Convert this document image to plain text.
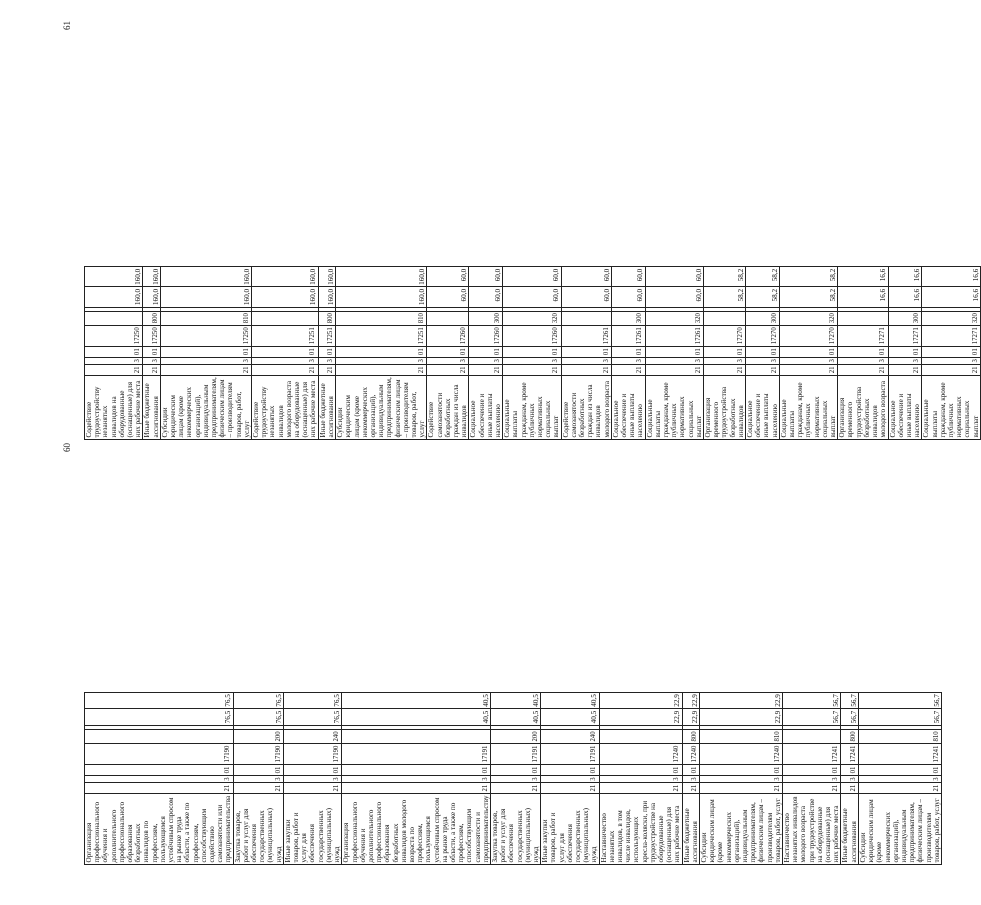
60
Организация профессионального обучения и дополнительного профессионального образования безработных инвалидов по профессиям, пользующимся устойчивым спросом на рынке труда области, а также по профессиям, способствующим содействию самозанятости или предпринимательства	21	3	01	17190			76,5	76,5
Закупка товаров, работ и услуг для обеспечения государственных (муниципальных) нужд	21	3	01	17190	200		76,5	76,5
Иные закупки товаров, работ и услуг для обеспечения государственных (муниципальных) нужд	21	3	01	17190	240		76,5	76,5
Организация профессионального обучения и дополнительного профессионального образования безработных инвалидов молодого возраста по профессиям, пользующимся устойчивым спросом на рынке труда области, а также по профессиям, способствующим самозанятости и предпринимательству	21	3	01	17191			40,5	40,5
Закупка товаров, работ и услуг для обеспечения государственных (муниципальных) нужд	21	3	01	17191	200		40,5	40,5
Иные закупки товаров, работ и услуг для обеспечения государственных (муниципальных) нужд	21	3	01	17191	240		40,5	40,5
Наставничество незанятых инвалидов, в том числе инвалидов, использующих кресла-коляски, при трудоустройстве на оборудованные (оснащенные) для них рабочие места	21	3	01	17240			22,9	22,9
Иные бюджетные ассигнования	21	3	01	17240	800		22,9	22,9
Субсидии юридическим лицам (кроме некоммерческих организаций), индивидуальным предпринимателям, физическим лицам – производителям товаров, работ, услуг	21	3	01	17240	810		22,9	22,9
Наставничество незанятых инвалидов молодого возраста при трудоустройстве на оборудованные (оснащенные) для них рабочие места	21	3	01	17241			56,7	56,7
Иные бюджетные ассигнования	21	3	01	17241	800		56,7	56,7
Субсидии юридическим лицам (кроме некоммерческих организаций), индивидуальным предпринимателям, физическим лицам – производителям товаров, работ, услуг	21	3	01	17241	810		56,7	56,7
61
Содействие трудоустройству незанятых инвалидов на оборудованные (оснащенные) для них рабочие места	21	3	01	17250			160,0	160,0
Иные бюджетные ассигнования	21	3	01	17250	800		160,0	160,0
Субсидии юридическим лицам (кроме некоммерческих организаций), индивидуальным предпринимателям, физическим лицам – производителям товаров, работ, услуг	21	3	01	17250	810		160,0	160,0
Содействие трудоустройству незанятых инвалидов молодого возраста на оборудованные (оснащенные) для них рабочие места	21	3	01	17251			160,0	160,0
Иные бюджетные ассигнования	21	3	01	17251	800		160,0	160,0
Субсидии юридическим лицам (кроме некоммерческих организаций), индивидуальным предпринимателям, физическим лицам – производителям товаров, работ, услуг	21	3	01	17251	810		160,0	160,0
Содействие самозанятости безработных граждан из числа инвалидов	21	3	01	17260			60,0	60,0
Социальное обеспечение и иные выплаты населению	21	3	01	17260	300		60,0	60,0
Социальные выплаты гражданам, кроме публичных нормативных социальных выплат	21	3	01	17260	320		60,0	60,0
Содействие самозанятости безработных граждан из числа инвалидов молодого возраста	21	3	01	17261			60,0	60,0
Социальное обеспечение и иные выплаты населению	21	3	01	17261	300		60,0	60,0
Социальные выплаты гражданам, кроме публичных нормативных социальных выплат	21	3	01	17261	320		60,0	60,0
Организация временного трудоустройства безработных инвалидов	21	3	01	17270			58,2	58,2
Социальное обеспечение и иные выплаты населению	21	3	01	17270	300		58,2	58,2
Социальные выплаты гражданам, кроме публичных нормативных социальных выплат	21	3	01	17270	320		58,2	58,2
Организация временного трудоустройства безработных инвалидов молодого возраста	21	3	01	17271			16,6	16,6
Социальное обеспечение и иные выплаты населению	21	3	01	17271	300		16,6	16,6
Социальные выплаты гражданам, кроме публичных нормативных социальных выплат	21	3	01	17271	320		16,6	16,6
